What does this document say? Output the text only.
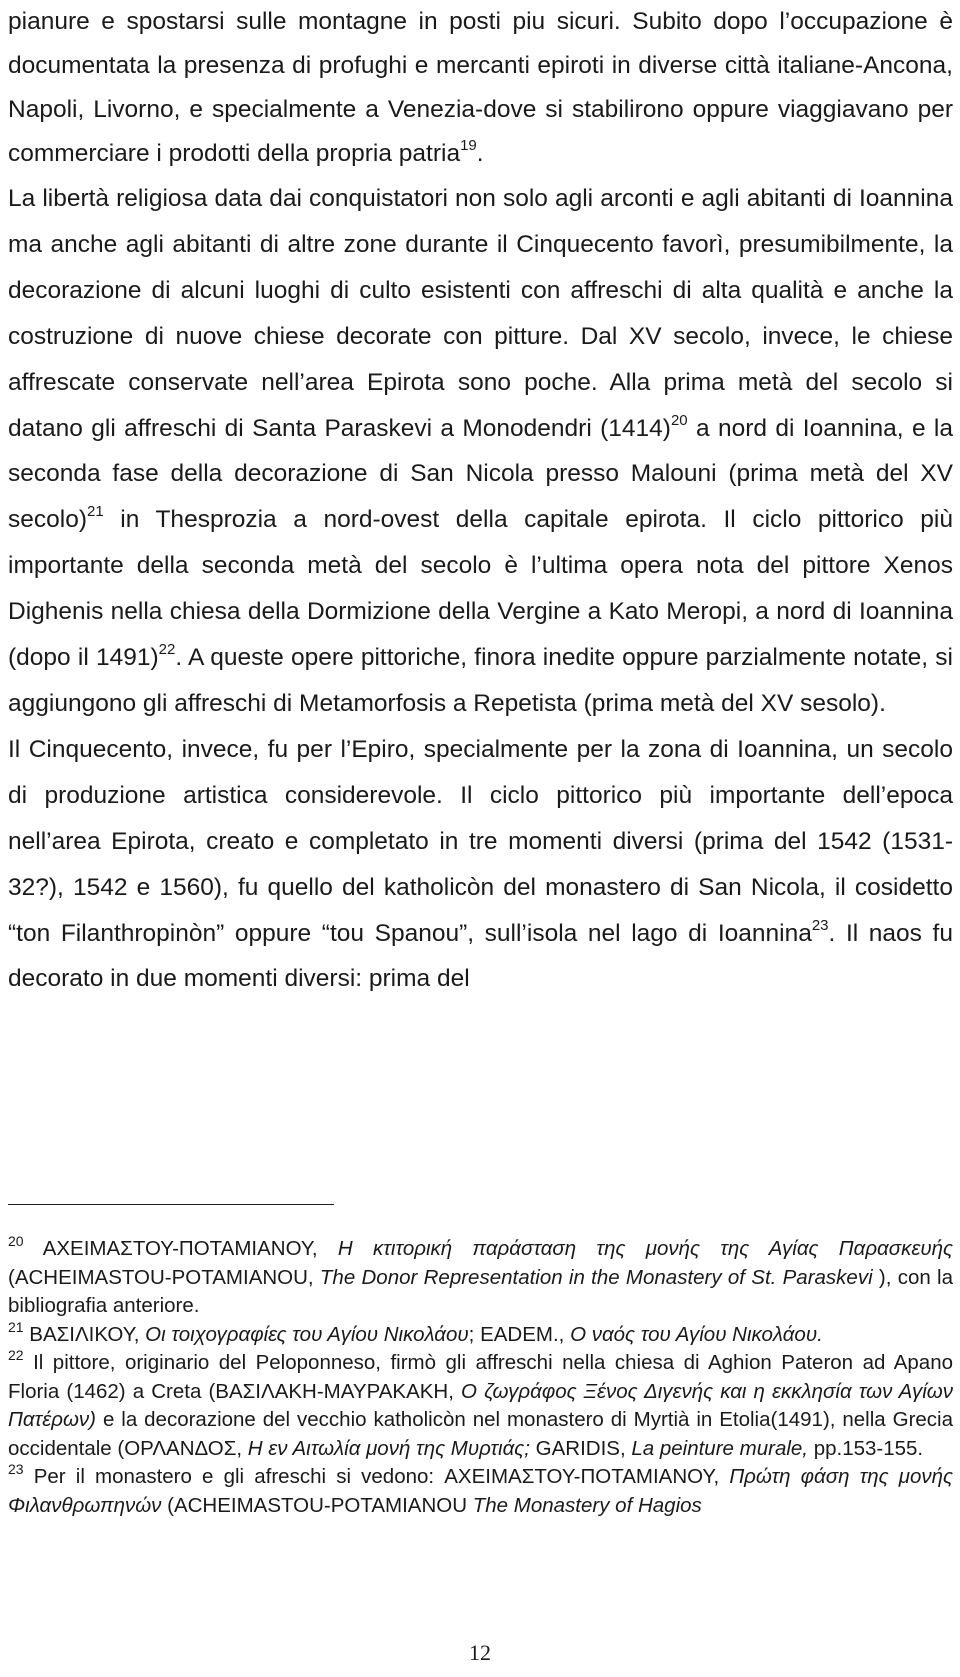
pianure e spostarsi sulle montagne in posti piu sicuri. Subito dopo l’occupazione è documentata la presenza di profughi e mercanti epiroti in diverse città italiane-Ancona, Napoli, Livorno, e specialmente a Venezia-dove si stabilirono oppure viaggiavano per commerciare i prodotti della propria patria$^{19}$.

La libertà religiosa data dai conquistatori non solo agli arconti e agli abitanti di Ioannina ma anche agli abitanti di altre zone durante il Cinquecento favorì, presumibilmente, la decorazione di alcuni luoghi di culto esistenti con affreschi di alta qualità e anche la costruzione di nuove chiese decorate con pitture. Dal XV secolo, invece, le chiese affrescate conservate nell’area Epirota sono poche. Alla prima metà del secolo si datano gli affreschi di Santa Paraskevi a Monodendri $(1414)^{20}$ a nord di Ioannina, e la seconda fase della decorazione di San Nicola presso Malouni (prima metà del XV secolo)$^{21}$ in Thesprozia a nord-ovest della capitale epirota. Il ciclo pittorico più importante della seconda metà del secolo è l’ultima opera nota del pittore Xenos Dighenis nella chiesa della Dormizione della Vergine a Kato Meropi, a nord di Ioannina (dopo il 1491)$^{22}$. A queste opere pittoriche, finora inedite oppure parzialmente notate, si aggiungono gli affreschi di Metamorfosis a Repetista (prima metà del XV sesolo).

Il Cinquecento, invece, fu per l’Epiro, specialmente per la zona di Ioannina, un secolo di produzione artistica considerevole. Il ciclo pittorico più importante dell’epoca nell’area Epirota, creato e completato in tre momenti diversi (prima del 1542 (1531-32?), 1542 e 1560), fu quello del katholicòn del monastero di San Nicola, il cosidetto “ton Filanthropinòn” oppure “tou Spanou”, sull’isola nel lago di Ioannina$^{23}$. Il naos fu decorato in due momenti diversi: prima del

$^{20}$ ΑΧΕΙΜΑΣΤΟΥ-ΠΟΤΑΜΙΑΝΟΥ, Η κτιτορική παράσταση της μονής της Αγίας Παρασκευής (ACHEIMASTOU-POTAMIANOU, The Donor Representation in the Monastery of St. Paraskevi ), con la bibliografia anteriore.

$^{21}$ ΒΑΣΙΛΙΚΟΥ, Οι τοιχογραφίες του Αγίου Νικολάου; EADEM., Ο ναός του Αγίου Νικολάου.

$^{22}$ Il pittore, originario del Peloponneso, firmò gli affreschi nella chiesa di Aghion Pateron ad Apano Floria (1462) a Creta (ΒΑΣΙΛΑΚΗ-ΜΑΥΡΑΚΑΚΗ, Ο ζωγράφος Ξένος Διγενής και η εκκλησία των Αγίων Πατέρων) e la decorazione del vecchio katholicòn nel monastero di Myrtià in Etolia(1491), nella Grecia occidentale (ΟΡΛΑΝΔΟΣ, Η εν Αιτωλία μονή της Μυρτιάς; GARIDIS, La peinture murale, pp.153-155.

$^{23}$ Per il monastero e gli afreschi si vedono: ΑΧΕΙΜΑΣΤΟΥ-ΠΟΤΑΜΙΑΝΟΥ, Πρώτη φάση της μονής Φιλανθρωπηνών (ACHEIMASTOU-POTAMIANOU The Monastery of Hagios

12
